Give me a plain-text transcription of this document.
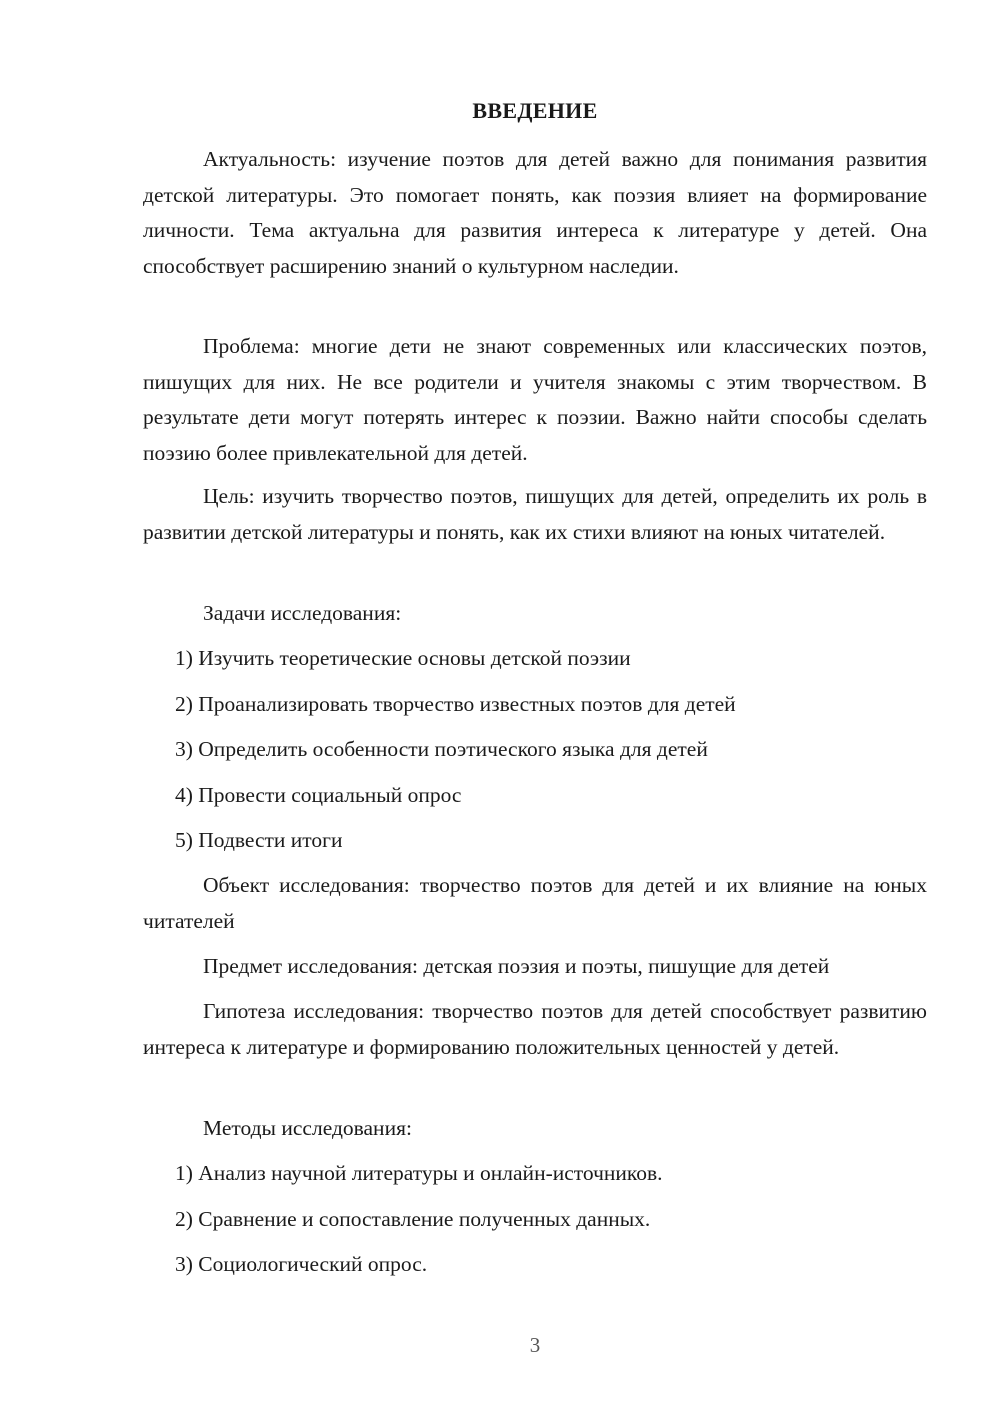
ВВЕДЕНИЕ

Актуальность: изучение поэтов для детей важно для понимания развития детской литературы. Это помогает понять, как поэзия влияет на формирование личности. Тема актуальна для развития интереса к литературе у детей. Она способствует расширению знаний о культурном наследии.

Проблема: многие дети не знают современных или классических поэтов, пишущих для них. Не все родители и учителя знакомы с этим творчеством. В результате дети могут потерять интерес к поэзии. Важно найти способы сделать поэзию более привлекательной для детей.

Цель: изучить творчество поэтов, пишущих для детей, определить их роль в развитии детской литературы и понять, как их стихи влияют на юных читателей.

Задачи исследования:
1) Изучить теоретические основы детской поэзии
2) Проанализировать творчество известных поэтов для детей
3) Определить особенности поэтического языка для детей
4) Провести социальный опрос
5) Подвести итоги

Объект исследования: творчество поэтов для детей и их влияние на юных читателей

Предмет исследования: детская поэзия и поэты, пишущие для детей

Гипотеза исследования: творчество поэтов для детей способствует развитию интереса к литературе и формированию положительных ценностей у детей.

Методы исследования:
1) Анализ научной литературы и онлайн-источников.
2) Сравнение и сопоставление полученных данных.
3) Социологический опрос.
3
